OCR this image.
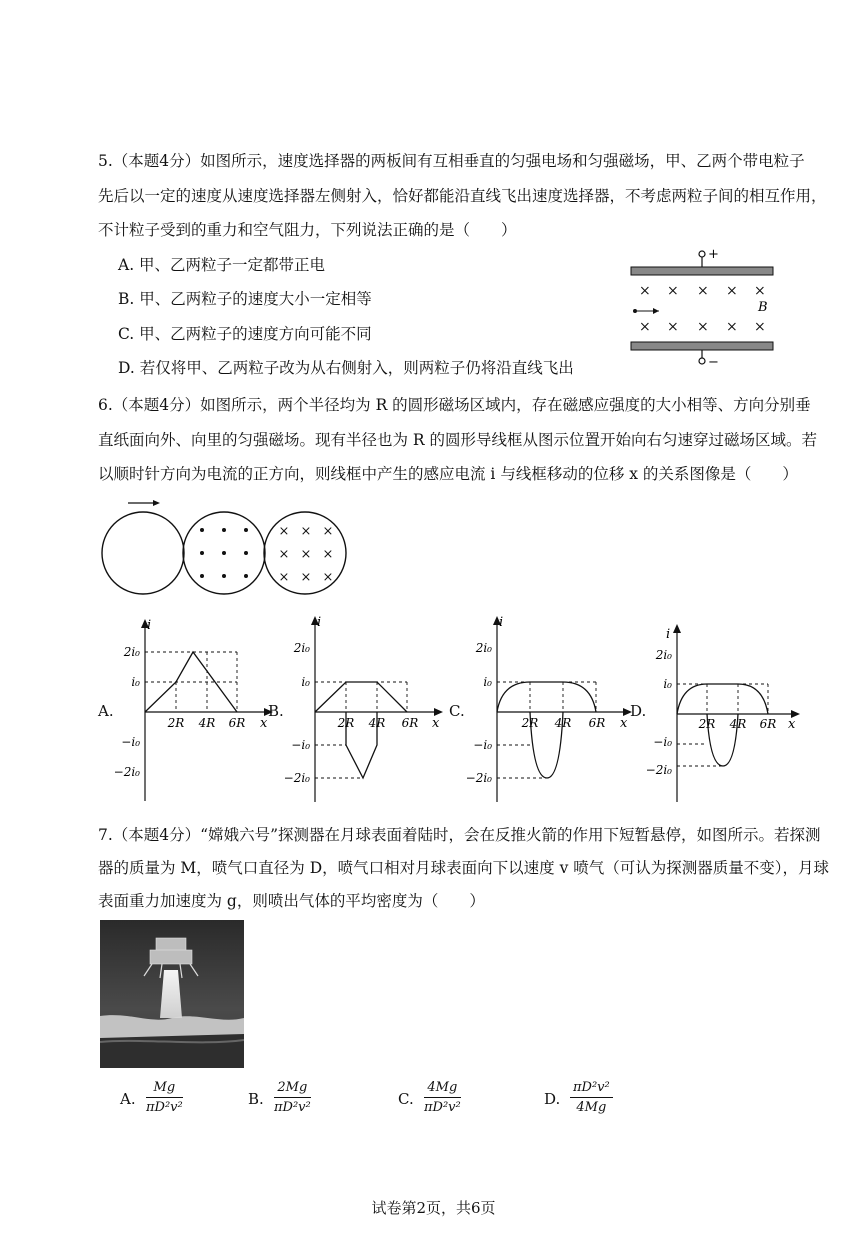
5.（本题4分）如图所示，速度选择器的两板间有互相垂直的匀强电场和匀强磁场，甲、乙两个带电粒子
先后以一定的速度从速度选择器左侧射入，恰好都能沿直线飞出速度选择器，不考虑两粒子间的相互作用，
不计粒子受到的重力和空气阻力，下列说法正确的是（　　）
A. 甲、乙两粒子一定都带正电
B. 甲、乙两粒子的速度大小一定相等
C. 甲、乙两粒子的速度方向可能不同
D. 若仅将甲、乙两粒子改为从右侧射入，则两粒子仍将沿直线飞出
+
× × × × ×
× × × × ×
B
−
6.（本题4分）如图所示，两个半径均为 R 的圆形磁场区域内，存在磁感应强度的大小相等、方向分别垂
直纸面向外、向里的匀强磁场。现有半径也为 R 的圆形导线框从图示位置开始向右匀速穿过磁场区域。若
以顺时针方向为电流的正方向，则线框中产生的感应电流 i 与线框移动的位移 x 的关系图像是（　　）
× × ×
× × ×
× × ×
A.
i
2i₀
i₀
−i₀
−2i₀
2R 4R 6R x
B.
i
2i₀
i₀
−i₀
−2i₀
2R 4R 6R x
C.
i
2i₀
i₀
−i₀
−2i₀
2R 4R 6R x
D.
i
2i₀
i₀
−i₀
−2i₀
2R 4R 6R x
7.（本题4分）“嫦娥六号”探测器在月球表面着陆时，会在反推火箭的作用下短暂悬停，如图所示。若探测
器的质量为 M，喷气口直径为 D，喷气口相对月球表面向下以速度 v 喷气（可认为探测器质量不变），月球
表面重力加速度为 g，则喷出气体的平均密度为（　　）
A. $\frac{Mg}{\text{πD²v²}}$	B. $\frac{2Mg}{\text{πD²v²}}$	C. $\frac{4Mg}{\text{πD²v²}}$	D. $\frac{\text{πD²v²}}{4Mg}$
试卷第2页，共6页
